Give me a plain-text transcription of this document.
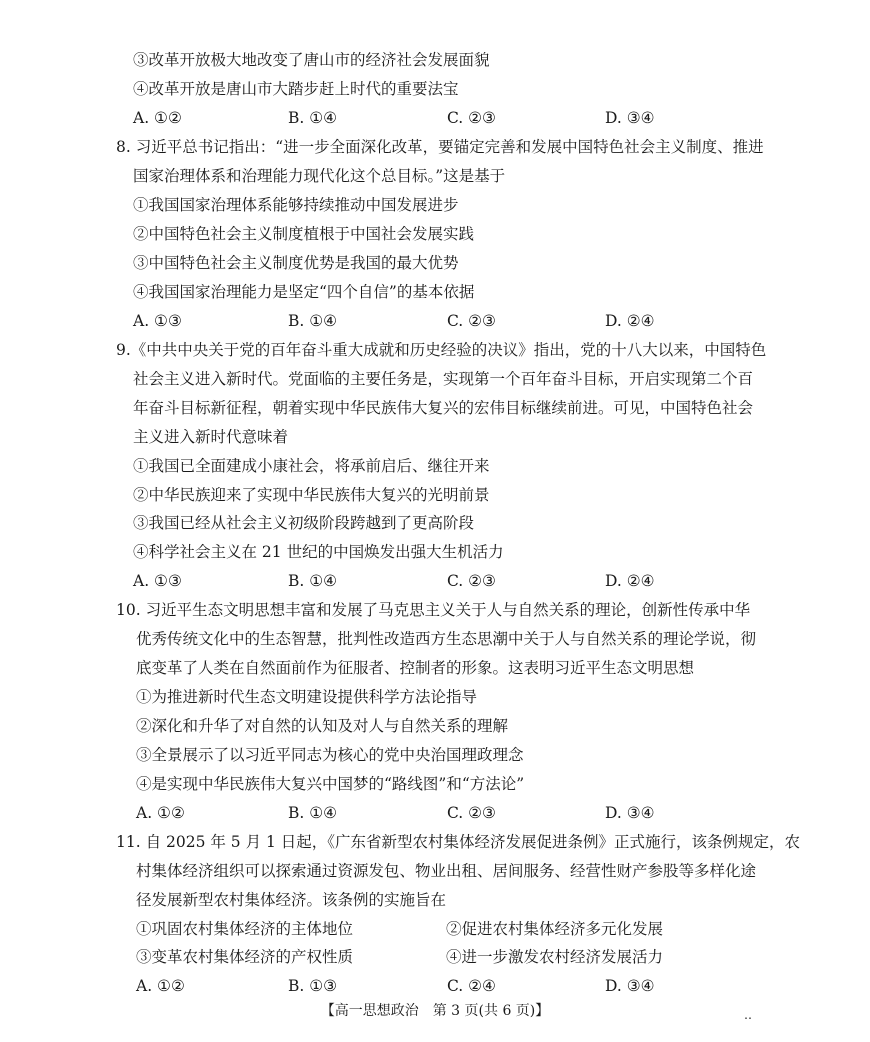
③改革开放极大地改变了唐山市的经济社会发展面貌
④改革开放是唐山市大踏步赶上时代的重要法宝
A. ①②	B. ①④	C. ②③	D. ③④
8. 习近平总书记指出：“进一步全面深化改革，要锚定完善和发展中国特色社会主义制度、推进
国家治理体系和治理能力现代化这个总目标。”这是基于
①我国国家治理体系能够持续推动中国发展进步
②中国特色社会主义制度植根于中国社会发展实践
③中国特色社会主义制度优势是我国的最大优势
④我国国家治理能力是坚定“四个自信”的基本依据
A. ①③	B. ①④	C. ②③	D. ②④
9.《中共中央关于党的百年奋斗重大成就和历史经验的决议》指出，党的十八大以来，中国特色
社会主义进入新时代。党面临的主要任务是，实现第一个百年奋斗目标，开启实现第二个百
年奋斗目标新征程，朝着实现中华民族伟大复兴的宏伟目标继续前进。可见，中国特色社会
主义进入新时代意味着
①我国已全面建成小康社会，将承前启后、继往开来
②中华民族迎来了实现中华民族伟大复兴的光明前景
③我国已经从社会主义初级阶段跨越到了更高阶段
④科学社会主义在 21 世纪的中国焕发出强大生机活力
A. ①③	B. ①④	C. ②③	D. ②④
10. 习近平生态文明思想丰富和发展了马克思主义关于人与自然关系的理论，创新性传承中华
优秀传统文化中的生态智慧，批判性改造西方生态思潮中关于人与自然关系的理论学说，彻
底变革了人类在自然面前作为征服者、控制者的形象。这表明习近平生态文明思想
①为推进新时代生态文明建设提供科学方法论指导
②深化和升华了对自然的认知及对人与自然关系的理解
③全景展示了以习近平同志为核心的党中央治国理政理念
④是实现中华民族伟大复兴中国梦的“路线图”和“方法论”
A. ①②	B. ①④	C. ②③	D. ③④
11. 自 2025 年 5 月 1 日起，《广东省新型农村集体经济发展促进条例》正式施行，该条例规定，农
村集体经济组织可以探索通过资源发包、物业出租、居间服务、经营性财产参股等多样化途
径发展新型农村集体经济。该条例的实施旨在
①巩固农村集体经济的主体地位	②促进农村集体经济多元化发展
③变革农村集体经济的产权性质	④进一步激发农村经济发展活力
A. ①②	B. ①③	C. ②④	D. ③④
【高一思想政治　第 3 页(共 6 页)】	‥
